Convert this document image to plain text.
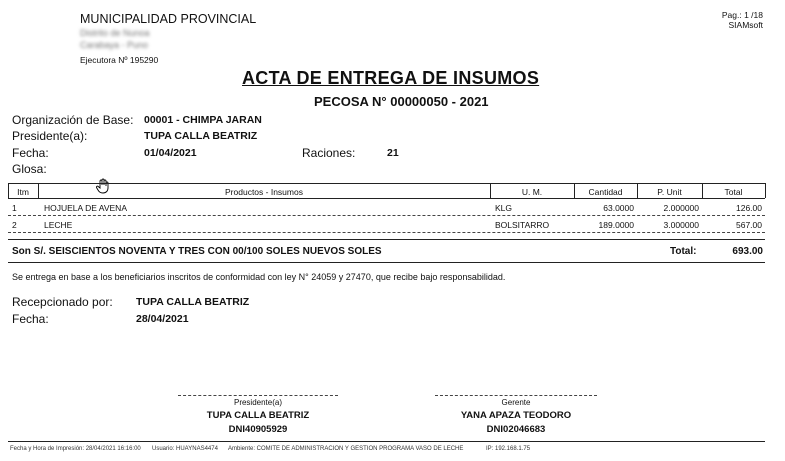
MUNICIPALIDAD PROVINCIAL
Distrito de Nunoa
Carabaya - Puno
Ejecutora Nº 195290
Pag.: 1 /18
SIAMsoft
ACTA DE ENTREGA DE INSUMOS
PECOSA N° 00000050 - 2021
Organización de Base: 00001 - CHIMPA JARAN
Presidente(a):	TUPA CALLA BEATRIZ
Fecha:	01/04/2021	Raciones:	21
Glosa:
Itm	Productos - Insumos	U. M.	Cantidad	P. Unit	Total
1	HOJUELA DE AVENA	KLG	63.0000	2.000000	126.00
2	LECHE	BOLSITARRO	189.0000	3.000000	567.00
Son S/. SEISCIENTOS NOVENTA Y TRES CON 00/100 SOLES NUEVOS SOLES	Total:	693.00
Se entrega en base a los beneficiarios inscritos de conformidad con ley N° 24059 y 27470, que recibe bajo responsabilidad.
Recepcionado por: TUPA CALLA BEATRIZ
Fecha:	28/04/2021
Presidente(a)
TUPA CALLA BEATRIZ
DNI40905929
Gerente
YANA APAZA TEODORO
DNI02046683
Fecha y Hora de Impresión: 28/04/2021 16:16:00 Usuario: HUAYNAS4474 Ambiente: COMITE DE ADMINISTRACION Y GESTION PROGRAMA VASO DE LECHE	IP: 192.168.1.75
